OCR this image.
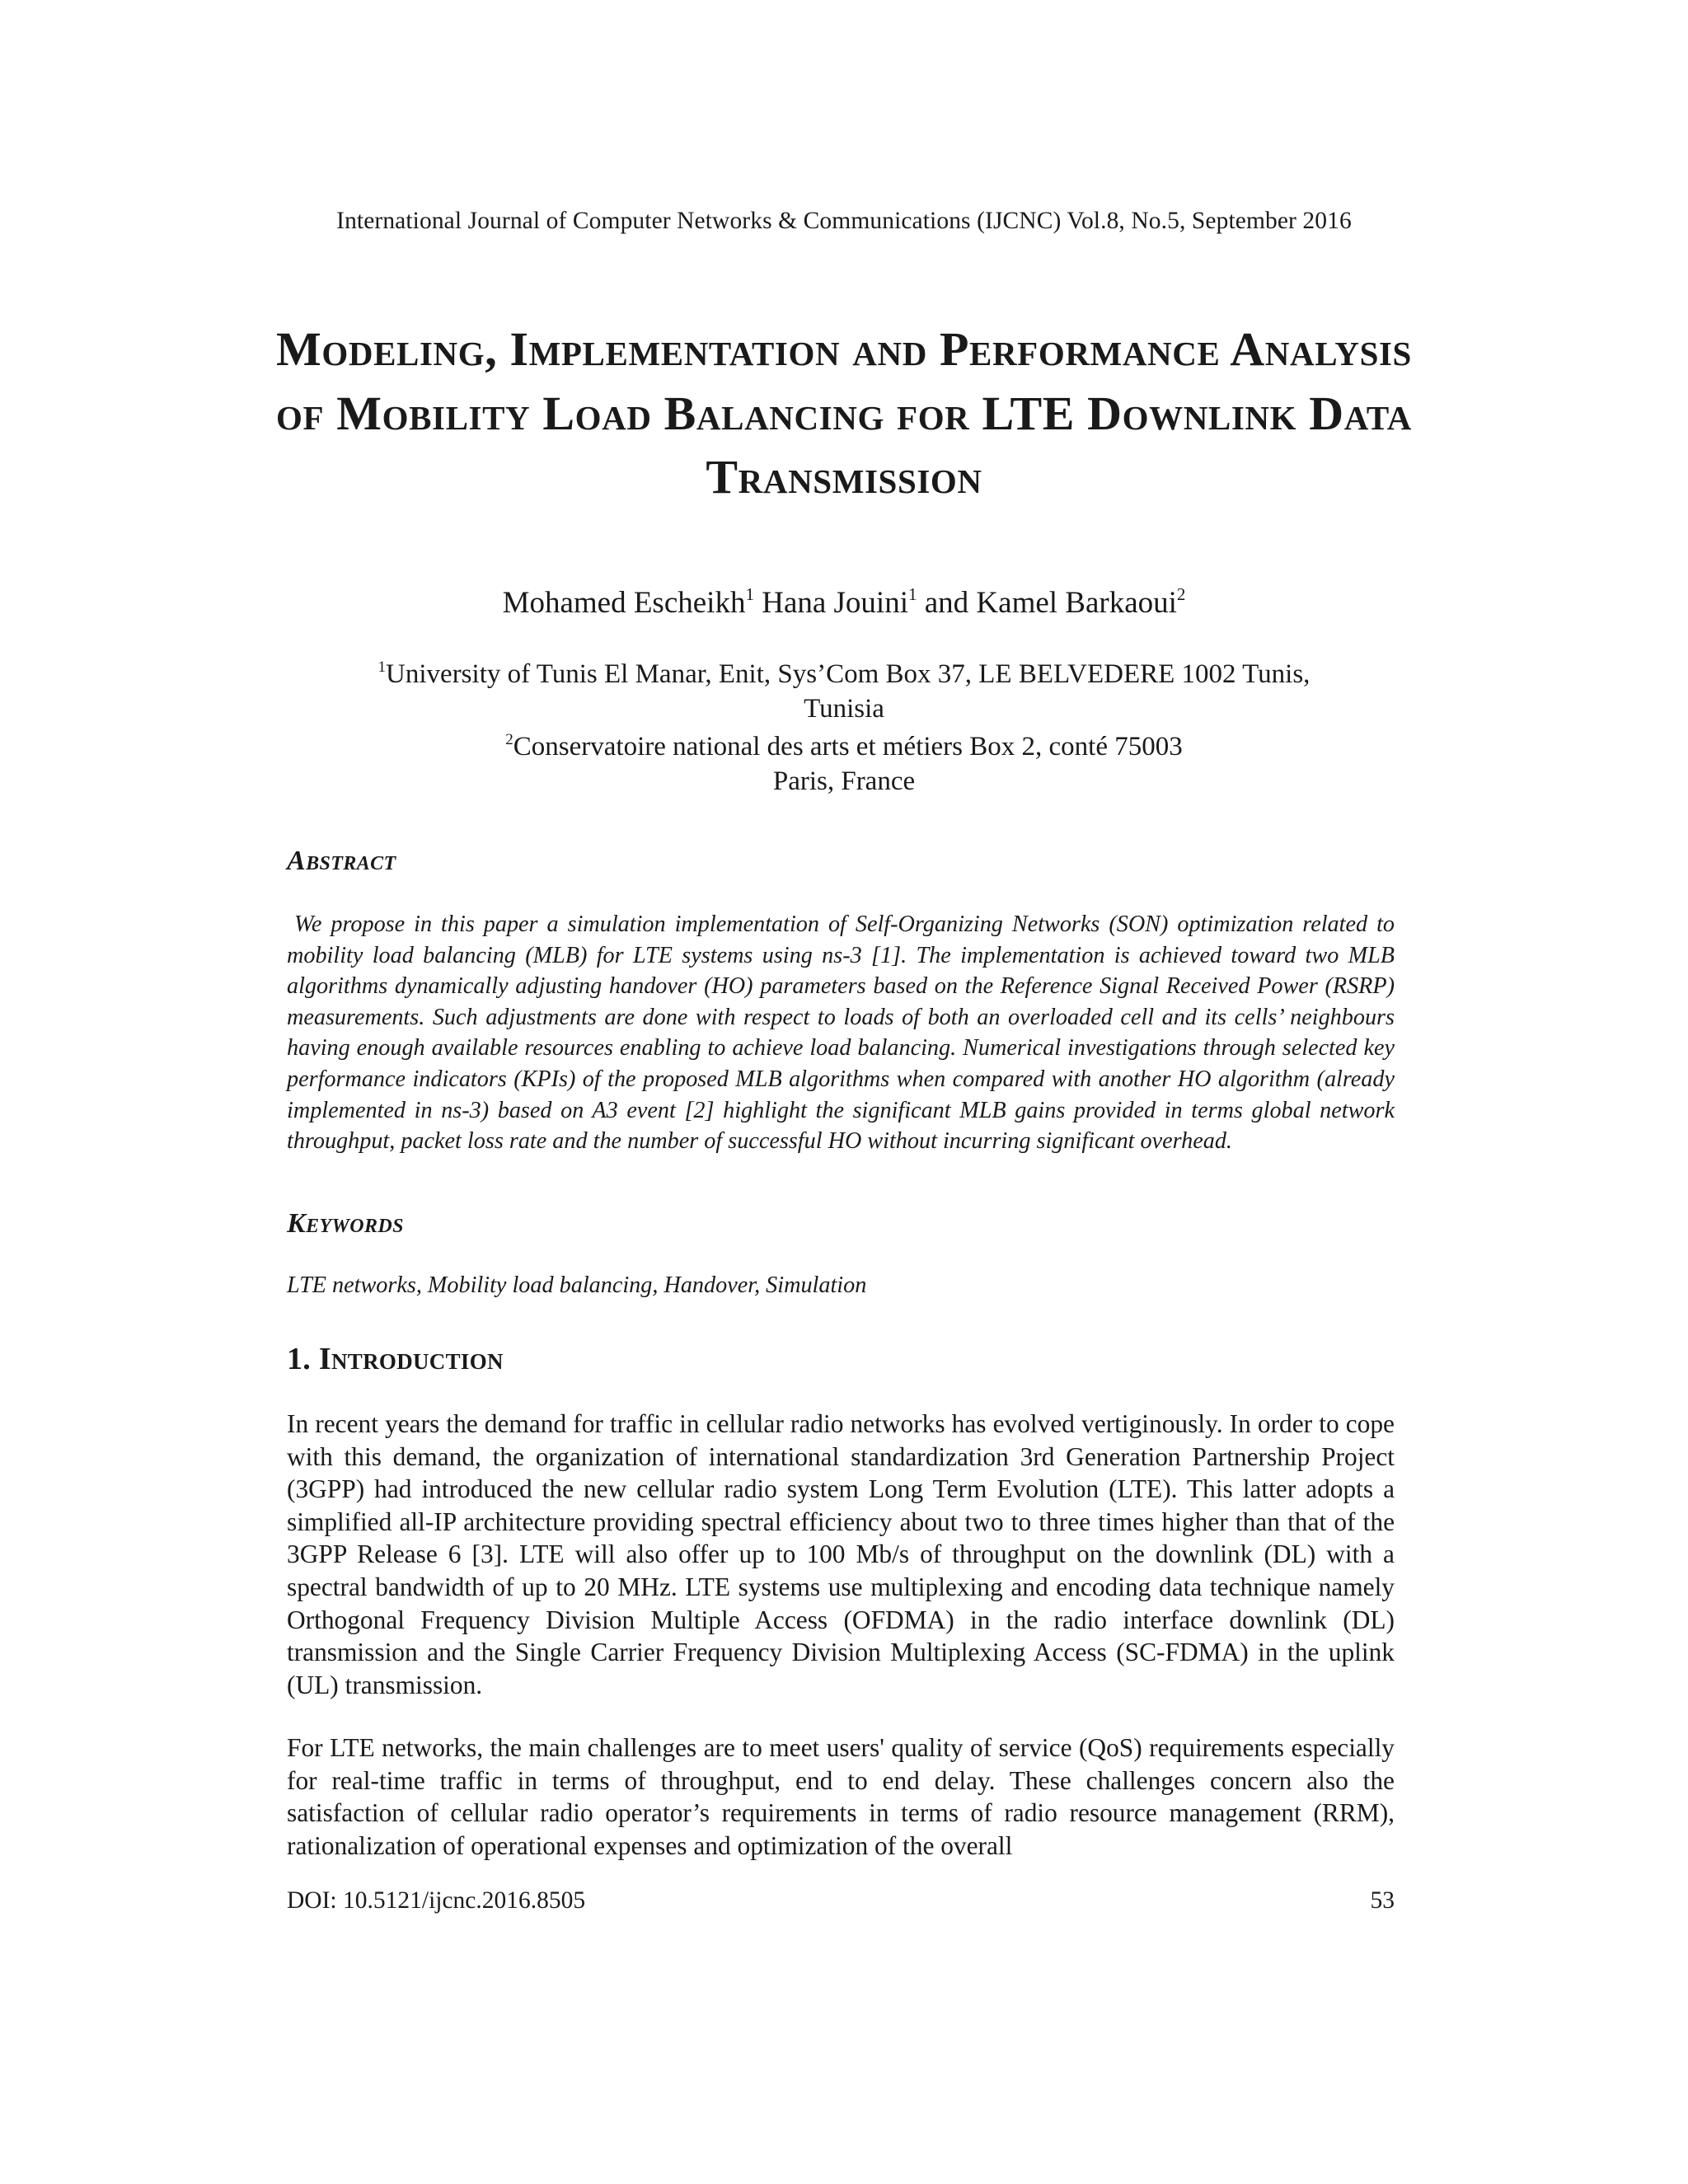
International Journal of Computer Networks & Communications (IJCNC) Vol.8, No.5, September 2016
Modeling, Implementation and Performance Analysis of Mobility Load Balancing for LTE Downlink Data Transmission
Mohamed Escheikh$^1$ Hana Jouini$^1$ and Kamel Barkaoui$^2$
$^1$University of Tunis El Manar, Enit, Sys’Com Box 37, LE BELVEDERE 1002 Tunis,
Tunisia
$^2$Conservatoire national des arts et métiers Box 2, conté 75003
Paris, France
Abstract
We propose in this paper a simulation implementation of Self-Organizing Networks (SON) optimization related to mobility load balancing (MLB) for LTE systems using ns-3 [1]. The implementation is achieved toward two MLB algorithms dynamically adjusting handover (HO) parameters based on the Reference Signal Received Power (RSRP) measurements. Such adjustments are done with respect to loads of both an overloaded cell and its cells’ neighbours having enough available resources enabling to achieve load balancing. Numerical investigations through selected key performance indicators (KPIs) of the proposed MLB algorithms when compared with another HO algorithm (already implemented in ns-3) based on A3 event [2] highlight the significant MLB gains provided in terms global network throughput, packet loss rate and the number of successful HO without incurring significant overhead.
Keywords
LTE networks, Mobility load balancing, Handover, Simulation
1. Introduction
In recent years the demand for traffic in cellular radio networks has evolved vertiginously. In order to cope with this demand, the organization of international standardization 3rd Generation Partnership Project (3GPP) had introduced the new cellular radio system Long Term Evolution (LTE). This latter adopts a simplified all-IP architecture providing spectral efficiency about two to three times higher than that of the 3GPP Release 6 [3]. LTE will also offer up to 100 Mb/s of throughput on the downlink (DL) with a spectral bandwidth of up to 20 MHz. LTE systems use multiplexing and encoding data technique namely Orthogonal Frequency Division Multiple Access (OFDMA) in the radio interface downlink (DL) transmission and the Single Carrier Frequency Division Multiplexing Access (SC-FDMA) in the uplink (UL) transmission.
For LTE networks, the main challenges are to meet users' quality of service (QoS) requirements especially for real-time traffic in terms of throughput, end to end delay. These challenges concern also the satisfaction of cellular radio operator’s requirements in terms of radio resource management (RRM), rationalization of operational expenses and optimization of the overall
DOI: 10.5121/ijcnc.2016.8505	53
